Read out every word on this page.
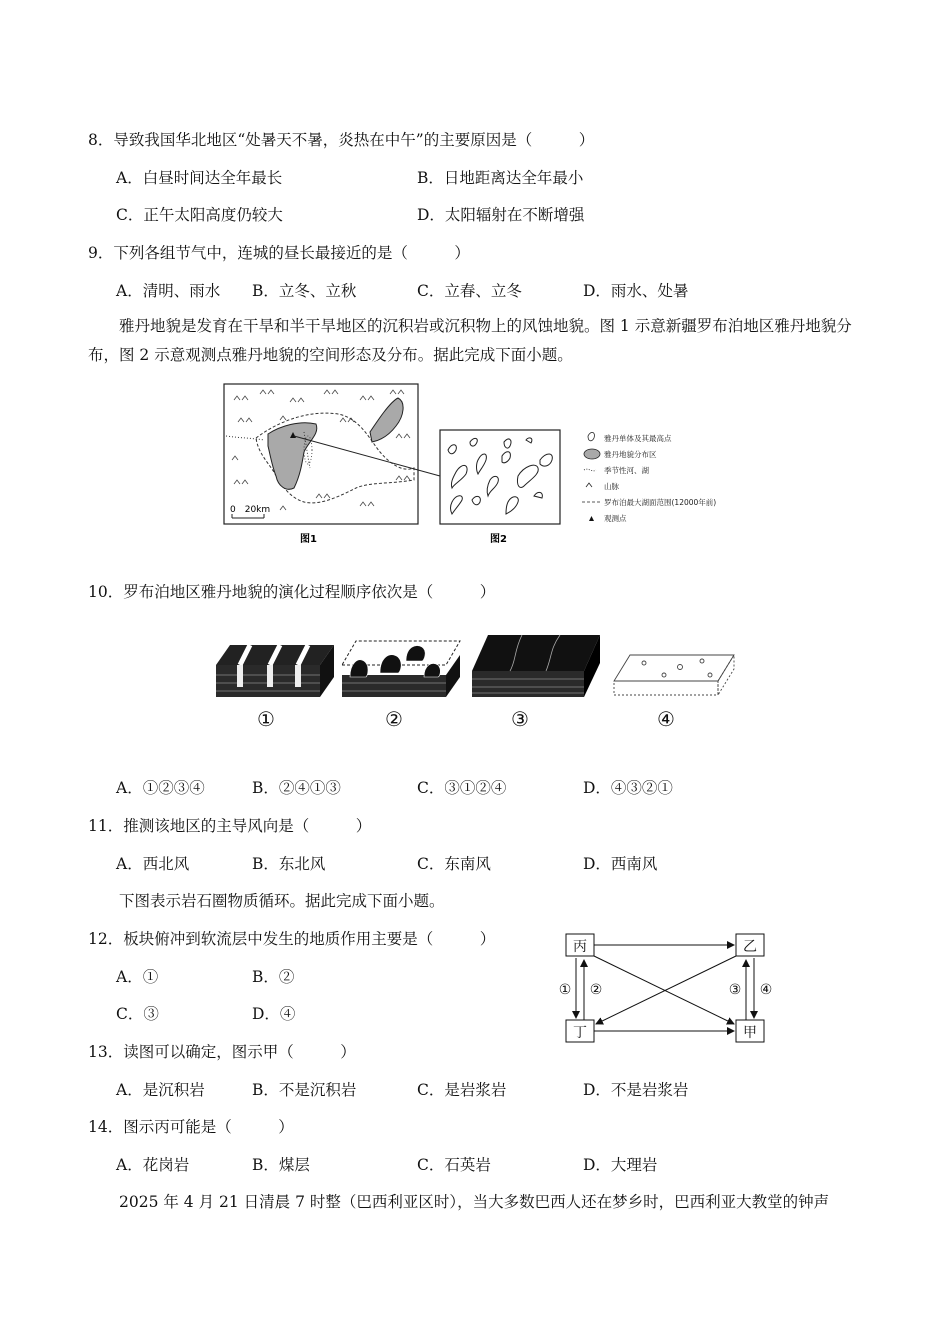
8．导致我国华北地区“处暑天不暑，炎热在中午”的主要原因是（　　　）
A．白昼时间达全年最长	B．日地距离达全年最小
C．正午太阳高度仍较大	D．太阳辐射在不断增强
9．下列各组节气中，连城的昼长最接近的是（　　　）
A．清明、雨水 B．立冬、立秋	C．立春、立冬	D．雨水、处暑
雅丹地貌是发育在干旱和半干旱地区的沉积岩或沉积物上的风蚀地貌。图 1 示意新疆罗布泊地区雅丹地貌分布，图 2 示意观测点雅丹地貌的空间形态及分布。据此完成下面小题。
0　20km
雅丹单体及其最高点
雅丹地貌分布区
季节性河、湖
山脉
罗布泊最大湖面范围(12000年前)
观测点
图1	图2
10．罗布泊地区雅丹地貌的演化过程顺序依次是（　　　）
①	②	③	④
A．①②③④	B．②④①③	C．③①②④	D．④③②①
11．推测该地区的主导风向是（　　　）
A．西北风	B．东北风	C．东南风	D．西南风
下图表示岩石圈物质循环。据此完成下面小题。
12．板块俯冲到软流层中发生的地质作用主要是（　　　）
A．①	B．②
C．③	D．④
丙	乙
丁	甲
① ②	③ ④
13．读图可以确定，图示甲（　　　）
A．是沉积岩	B．不是沉积岩	C．是岩浆岩	D．不是岩浆岩
14．图示丙可能是（　　　）
A．花岗岩	B．煤层	C．石英岩	D．大理岩
2025 年 4 月 21 日清晨 7 时整（巴西利亚区时），当大多数巴西人还在梦乡时，巴西利亚大教堂的钟声
